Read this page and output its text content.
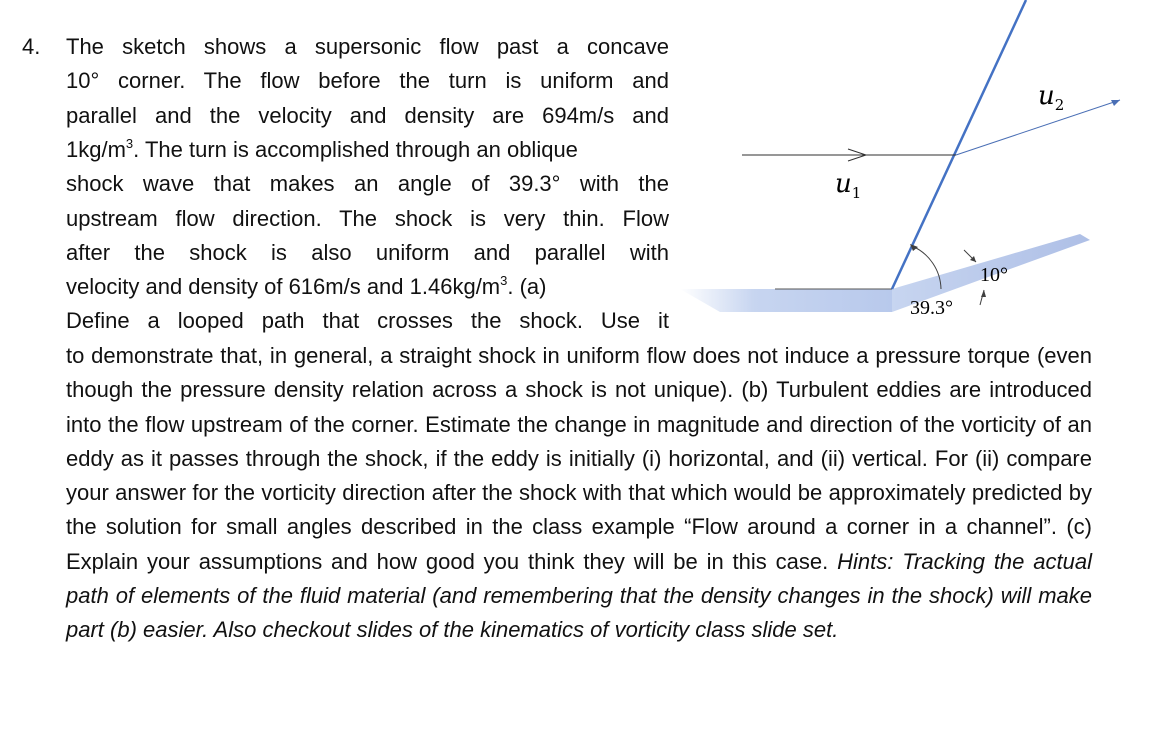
4. The sketch shows a supersonic flow past a concave
10° corner. The flow before the turn is uniform and
parallel and the velocity and density are 694m/s and
$1kg/m^3$. The turn is accomplished through an oblique
shock wave that makes an angle of 39.3° with the
upstream flow direction. The shock is very thin. Flow
after the shock is also uniform and parallel with
velocity and density of 616m/s and $1.46kg/m^3$. (a)
Define a looped path that crosses the shock. Use it
to demonstrate that, in general, a straight shock in uniform flow does not induce a pressure torque (even though the pressure density relation across a shock is not unique). (b) Turbulent eddies are introduced into the flow upstream of the corner. Estimate the change in magnitude and direction of the vorticity of an eddy as it passes through the shock, if the eddy is initially (i) horizontal, and (ii) vertical. For (ii) compare your answer for the vorticity direction after the shock with that which would be approximately predicted by the solution for small angles described in the class example “Flow around a corner in a channel”. (c) Explain your assumptions and how good you think they will be in this case. Hints: Tracking the actual path of elements of the fluid material (and remembering that the density changes in the shock) will make part (b) easier. Also checkout slides of the kinematics of vorticity class slide set.
$u_1$
$u_2$
10°
39.3°
